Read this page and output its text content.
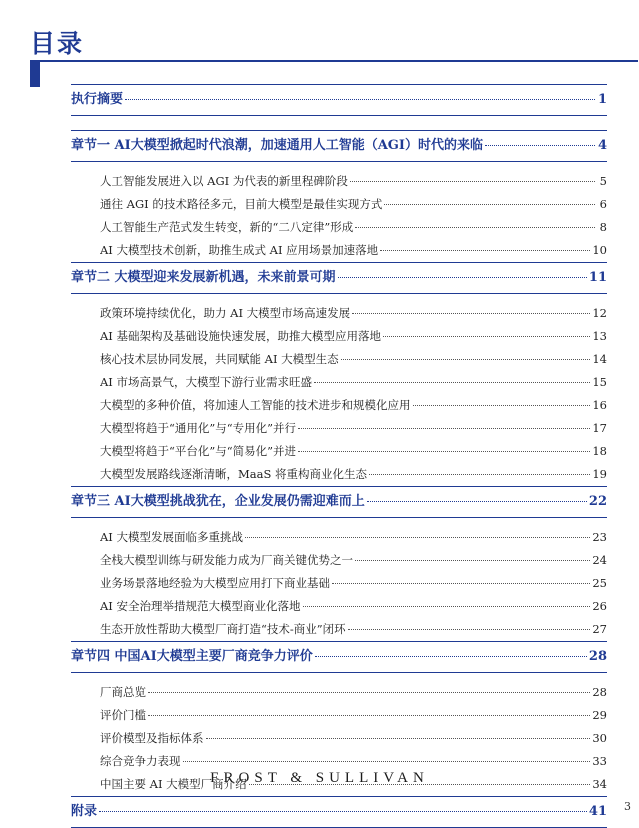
目录
执行摘要	1
章节一 AI大模型掀起时代浪潮，加速通用人工智能（AGI）时代的来临	4
人工智能发展进入以 AGI 为代表的新里程碑阶段	5
通往 AGI 的技术路径多元，目前大模型是最佳实现方式	6
人工智能生产范式发生转变，新的“二八定律”形成	8
AI 大模型技术创新，助推生成式 AI 应用场景加速落地	10
章节二 大模型迎来发展新机遇，未来前景可期	11
政策环境持续优化，助力 AI 大模型市场高速发展	12
AI 基础架构及基础设施快速发展，助推大模型应用落地	13
核心技术层协同发展，共同赋能 AI 大模型生态	14
AI 市场高景气，大模型下游行业需求旺盛	15
大模型的多种价值，将加速人工智能的技术进步和规模化应用	16
大模型将趋于“通用化”与“专用化”并行	17
大模型将趋于“平台化”与“简易化”并进	18
大模型发展路线逐渐清晰，MaaS 将重构商业化生态	19
章节三 AI大模型挑战犹在，企业发展仍需迎难而上	22
AI 大模型发展面临多重挑战	23
全栈大模型训练与研发能力成为厂商关键优势之一	24
业务场景落地经验为大模型应用打下商业基础	25
AI 安全治理举措规范大模型商业化落地	26
生态开放性帮助大模型厂商打造“技术-商业”闭环	27
章节四 中国AI大模型主要厂商竞争力评价	28
厂商总览	28
评价门槛	29
评价模型及指标体系	30
综合竞争力表现	33
中国主要 AI 大模型厂商介绍	34
附录	41
FROST & SULLIVAN
3
